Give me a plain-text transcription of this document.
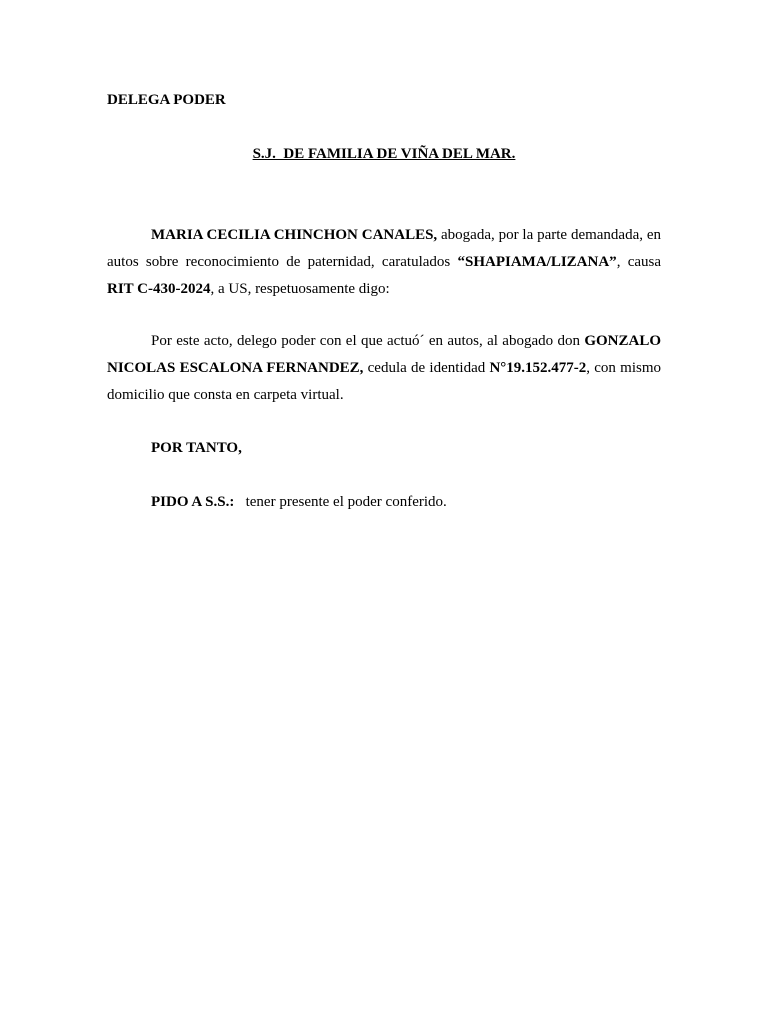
DELEGA PODER

S.J.  DE FAMILIA DE VIÑA DEL MAR.

MARIA CECILIA CHINCHON CANALES, abogada, por la parte demandada, en autos sobre reconocimiento de paternidad, caratulados “SHAPIAMA/LIZANA”, causa RIT C-430-2024, a US, respetuosamente digo:

Por este acto, delego poder con el que actuó´ en autos, al abogado don GONZALO NICOLAS ESCALONA FERNANDEZ, cedula de identidad N°19.152.477-2, con mismo domicilio que consta en carpeta virtual.

POR TANTO,

PIDO A S.S.:   tener presente el poder conferido.
